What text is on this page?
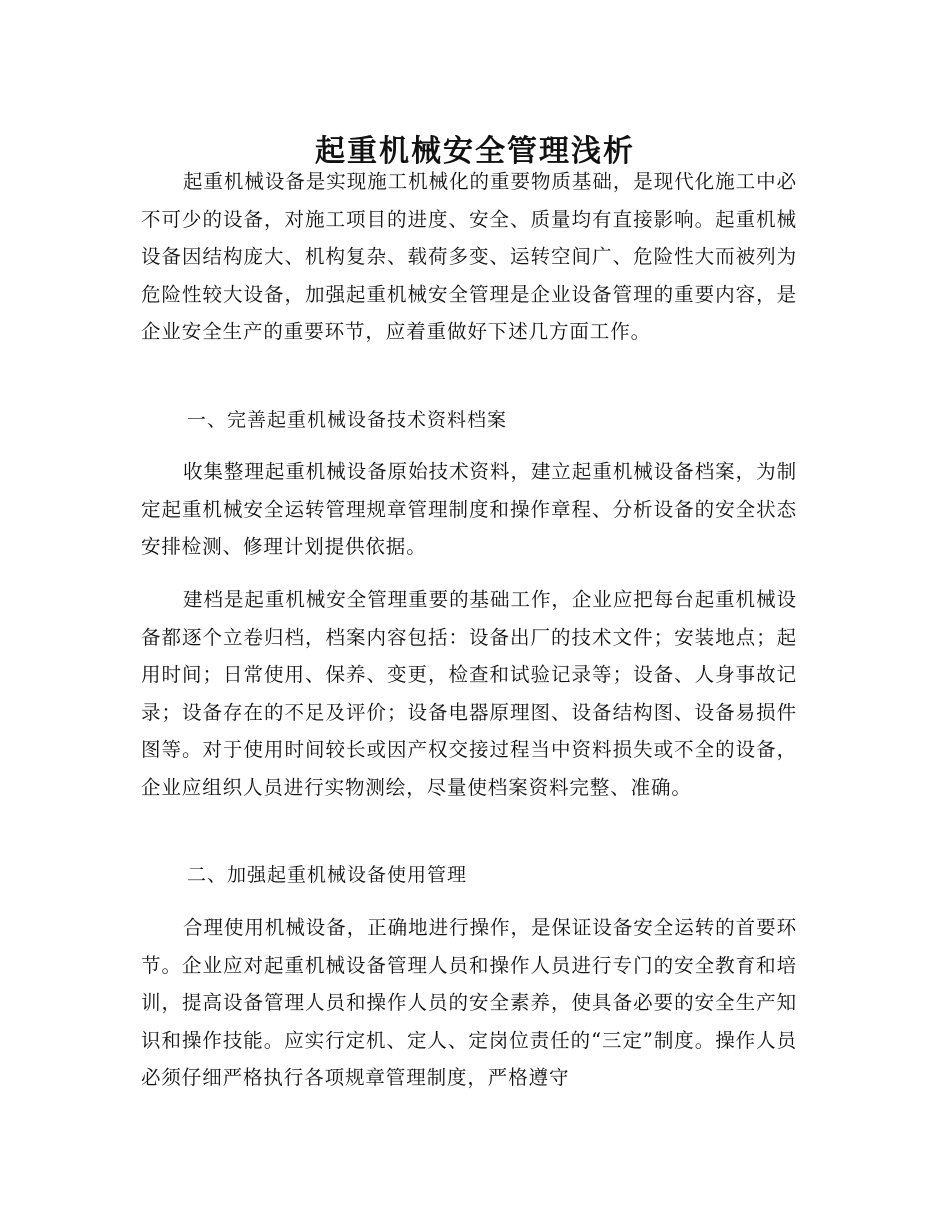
起重机械安全管理浅析

起重机械设备是实现施工机械化的重要物质基础，是现代化施工中必不可少的设备，对施工项目的进度、安全、质量均有直接影响。起重机械设备因结构庞大、机构复杂、载荷多变、运转空间广、危险性大而被列为危险性较大设备，加强起重机械安全管理是企业设备管理的重要内容，是企业安全生产的重要环节，应着重做好下述几方面工作。

一、完善起重机械设备技术资料档案

收集整理起重机械设备原始技术资料，建立起重机械设备档案，为制定起重机械安全运转管理规章管理制度和操作章程、分析设备的安全状态安排检测、修理计划提供依据。

建档是起重机械安全管理重要的基础工作，企业应把每台起重机械设备都逐个立卷归档，档案内容包括：设备出厂的技术文件；安装地点；起用时间；日常使用、保养、变更，检查和试验记录等；设备、人身事故记录；设备存在的不足及评价；设备电器原理图、设备结构图、设备易损件图等。对于使用时间较长或因产权交接过程当中资料损失或不全的设备，企业应组织人员进行实物测绘，尽量使档案资料完整、准确。

二、加强起重机械设备使用管理

合理使用机械设备，正确地进行操作，是保证设备安全运转的首要环节。企业应对起重机械设备管理人员和操作人员进行专门的安全教育和培训，提高设备管理人员和操作人员的安全素养，使具备必要的安全生产知识和操作技能。应实行定机、定人、定岗位责任的“三定”制度。操作人员必须仔细严格执行各项规章管理制度，严格遵守
